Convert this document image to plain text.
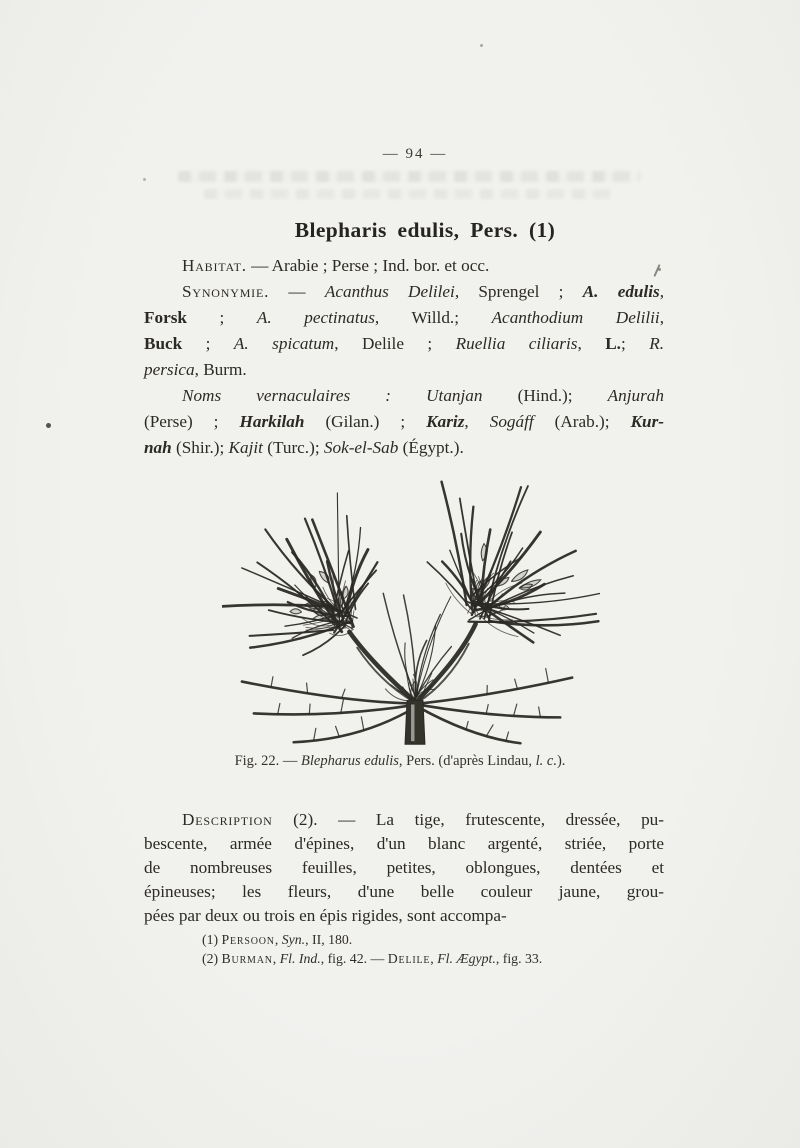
— 94 —
Blepharis edulis, Pers. (1)
Habitat. — Arabie ; Perse ; Ind. bor. et occ.
Synonymie. — Acanthus Delilei, Sprengel ; A. edulis,
Forsk ; A. pectinatus, Willd.; Acanthodium Delilii,
Buck ; A. spicatum, Delile ; Ruellia ciliaris, L.; R.
persica, Burm.
Noms vernaculaires : Utanjan (Hind.); Anjurah
(Perse) ; Harkilah (Gilan.) ; Kariz, Sogáff (Arab.); Kur-
nah (Shir.); Kajit (Turc.); Sok-el-Sab (Égypt.).
Fig. 22. — Blepharus edulis, Pers. (d'après Lindau, l. c.).
Description (2). — La tige, frutescente, dressée, pu-
bescente, armée d'épines, d'un blanc argenté, striée, porte
de nombreuses feuilles, petites, oblongues, dentées et
épineuses; les fleurs, d'une belle couleur jaune, grou-
pées par deux ou trois en épis rigides, sont accompa-
(1) Persoon, Syn., II, 180.
(2) Burman, Fl. Ind., fig. 42. — Delile, Fl. Ægypt., fig. 33.
